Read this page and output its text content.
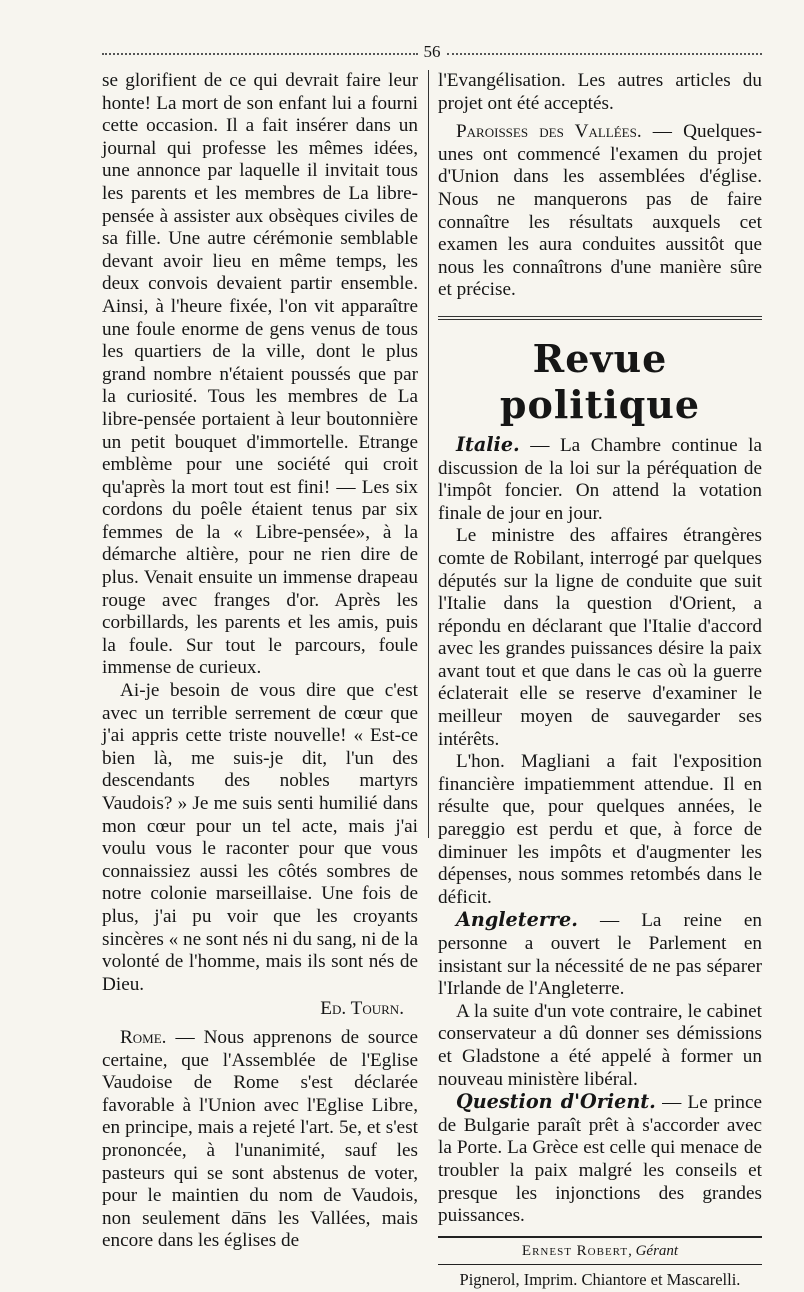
56

se glorifient de ce qui devrait faire leur honte! La mort de son enfant lui a fourni cette occasion. Il a fait insérer dans un journal qui professe les mêmes idées, une annonce par laquelle il invitait tous les parents et les membres de La libre-pensée à assister aux obsèques civiles de sa fille. Une autre cérémonie semblable devant avoir lieu en même temps, les deux convois devaient partir ensemble. Ainsi, à l'heure fixée, l'on vit apparaître une foule enorme de gens venus de tous les quartiers de la ville, dont le plus grand nombre n'étaient poussés que par la curiosité. Tous les membres de La libre-pensée portaient à leur boutonnière un petit bouquet d'immortelle. Etrange emblème pour une société qui croit qu'après la mort tout est fini! — Les six cordons du poêle étaient tenus par six femmes de la « Libre-pensée», à la démarche altière, pour ne rien dire de plus. Venait ensuite un immense drapeau rouge avec franges d'or. Après les corbillards, les parents et les amis, puis la foule. Sur tout le parcours, foule immense de curieux.

Ai-je besoin de vous dire que c'est avec un terrible serrement de cœur que j'ai appris cette triste nouvelle! « Est-ce bien là, me suis-je dit, l'un des descendants des nobles martyrs Vaudois? » Je me suis senti humilié dans mon cœur pour un tel acte, mais j'ai voulu vous le raconter pour que vous connaissiez aussi les côtés sombres de notre colonie marseillaise. Une fois de plus, j'ai pu voir que les croyants sincères « ne sont nés ni du sang, ni de la volonté de l'homme, mais ils sont nés de Dieu.

Ed. Tourn.

Rome. — Nous apprenons de source certaine, que l'Assemblée de l'Eglise Vaudoise de Rome s'est déclarée favorable à l'Union avec l'Eglise Libre, en principe, mais a rejeté l'art. 5e, et s'est prononcée, à l'unanimité, sauf les pasteurs qui se sont abstenus de voter, pour le maintien du nom de Vaudois, non seulement dans les Vallées, mais encore dans les églises de

l'Evangélisation. Les autres articles du projet ont été acceptés.

Paroisses des Vallées. — Quelques-unes ont commencé l'examen du projet d'Union dans les assemblées d'église. Nous ne manquerons pas de faire connaître les résultats auxquels cet examen les aura conduites aussitôt que nous les connaîtrons d'une manière sûre et précise.

Revue politique

Italie. — La Chambre continue la discussion de la loi sur la péréquation de l'impôt foncier. On attend la votation finale de jour en jour.

Le ministre des affaires étrangères comte de Robilant, interrogé par quelques députés sur la ligne de conduite que suit l'Italie dans la question d'Orient, a répondu en déclarant que l'Italie d'accord avec les grandes puissances désire la paix avant tout et que dans le cas où la guerre éclaterait elle se reserve d'examiner le meilleur moyen de sauvegarder ses intérêts.

L'hon. Magliani a fait l'exposition financière impatiemment attendue. Il en résulte que, pour quelques années, le pareggio est perdu et que, à force de diminuer les impôts et d'augmenter les dépenses, nous sommes retombés dans le déficit.

Angleterre. — La reine en personne a ouvert le Parlement en insistant sur la nécessité de ne pas séparer l'Irlande de l'Angleterre.

A la suite d'un vote contraire, le cabinet conservateur a dû donner ses démissions et Gladstone a été appelé à former un nouveau ministère libéral.

Question d'Orient. — Le prince de Bulgarie paraît prêt à s'accorder avec la Porte. La Grèce est celle qui menace de troubler la paix malgré les conseils et presque les injonctions des grandes puissances.

Ernest Robert, Gérant
Pignerol, Imprim. Chiantore et Mascarelli.
